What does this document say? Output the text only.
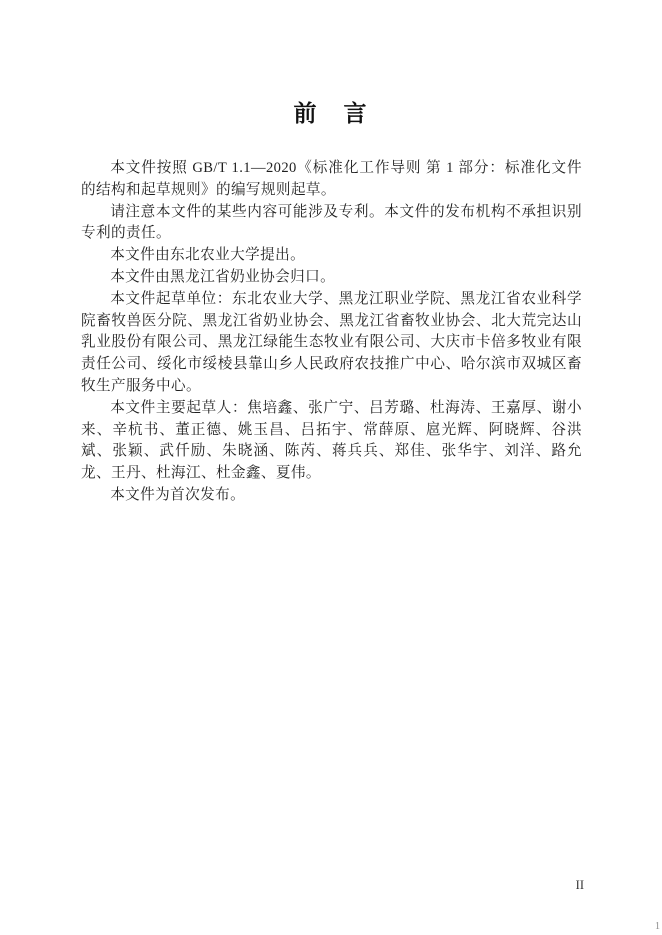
前　言

本文件按照 GB/T 1.1—2020《标准化工作导则 第 1 部分：标准化文件的结构和起草规则》的编写规则起草。

请注意本文件的某些内容可能涉及专利。本文件的发布机构不承担识别专利的责任。

本文件由东北农业大学提出。

本文件由黑龙江省奶业协会归口。

本文件起草单位：东北农业大学、黑龙江职业学院、黑龙江省农业科学院畜牧兽医分院、黑龙江省奶业协会、黑龙江省畜牧业协会、北大荒完达山乳业股份有限公司、黑龙江绿能生态牧业有限公司、大庆市卡倍多牧业有限责任公司、绥化市绥棱县靠山乡人民政府农技推广中心、哈尔滨市双城区畜牧生产服务中心。

本文件主要起草人：焦培鑫、张广宁、吕芳璐、杜海涛、王嘉厚、谢小来、辛杭书、董正德、姚玉昌、吕拓宇、常薛原、扈光辉、阿晓辉、谷洪斌、张颖、武仟励、朱晓涵、陈芮、蒋兵兵、郑佳、张华宇、刘洋、路允龙、王丹、杜海江、杜金鑫、夏伟。

本文件为首次发布。

II
1
